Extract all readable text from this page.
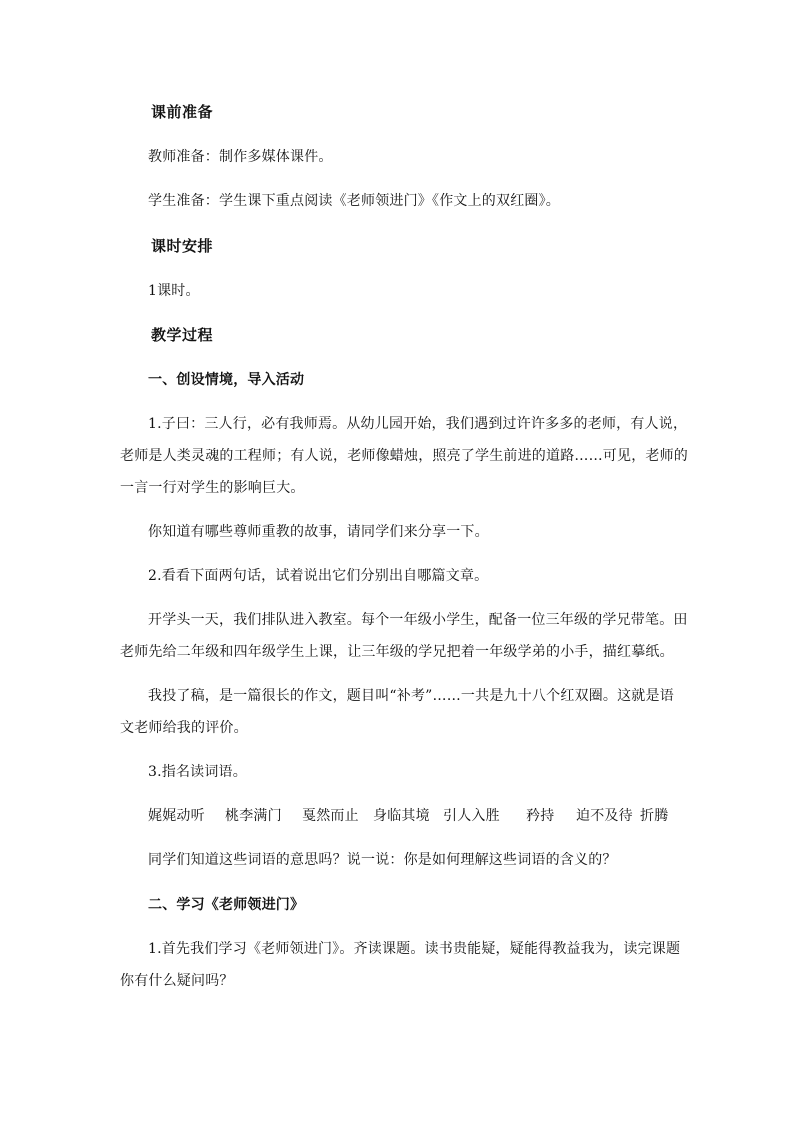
课前准备
教师准备：制作多媒体课件。
学生准备：学生课下重点阅读《老师领进门》《作文上的双红圈》。
课时安排
1课时。
教学过程
一、创设情境，导入活动
1.子曰：三人行，必有我师焉。从幼儿园开始，我们遇到过许许多多的老师，有人说，
老师是人类灵魂的工程师；有人说，老师像蜡烛，照亮了学生前进的道路……可见，老师的
一言一行对学生的影响巨大。
你知道有哪些尊师重教的故事，请同学们来分享一下。
2.看看下面两句话，试着说出它们分别出自哪篇文章。
开学头一天，我们排队进入教室。每个一年级小学生，配备一位三年级的学兄带笔。田
老师先给二年级和四年级学生上课，让三年级的学兄把着一年级学弟的小手，描红摹纸。
我投了稿，是一篇很长的作文，题目叫“补考”……一共是九十八个红双圈。这就是语
文老师给我的评价。
3.指名读词语。
娓娓动听 桃李满门 戛然而止 身临其境 引人入胜 矜持 迫不及待 折腾
同学们知道这些词语的意思吗？说一说：你是如何理解这些词语的含义的？
二、学习《老师领进门》
1.首先我们学习《老师领进门》。齐读课题。读书贵能疑，疑能得教益我为，读完课题
你有什么疑问吗？
